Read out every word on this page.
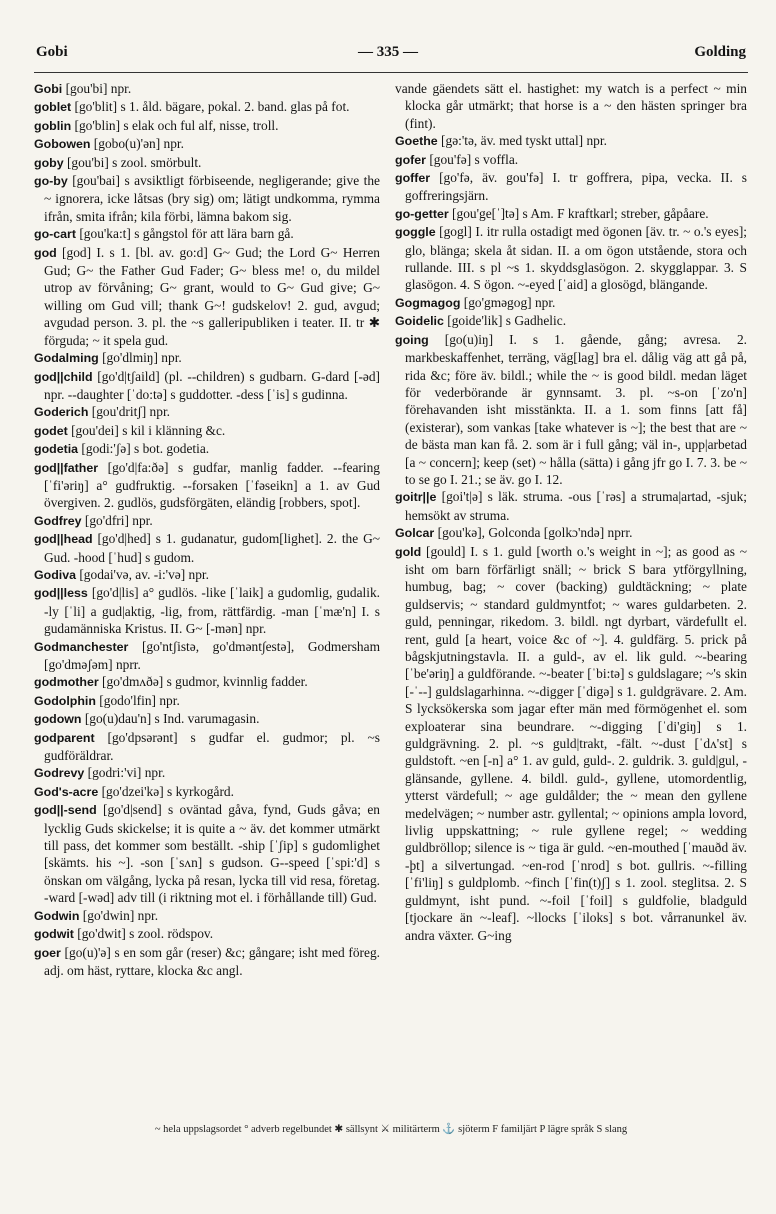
Gobi	— 335 —	Golding

Gobi [gou'bi] npr.

goblet [go'blit] s 1. åld. bägare, pokal. 2. band. glas på fot.

goblin [go'blin] s elak och ful alf, nisse, troll.

Gobowen [gobo(u)'ən] npr.

goby [gou'bi] s zool. smörbult.

go-by [gou'bai] s avsiktligt förbiseende, negligerande; give the ~ ignorera, icke låtsas (bry sig) om; lätigt undkomma, rymma ifrån, smita ifrån; kila förbi, lämna bakom sig.

go-cart [gou'ka:t] s gångstol för att lära barn gå.

god [god] I. s 1. [bl. av. go:d] G~ Gud; the Lord G~ Herren Gud; G~ the Father Gud Fader; G~ bless me! o, du mildel utrop av förvåning; G~ grant, would to G~ Gud give; G~ willing om Gud vill; thank G~! gudskelov! 2. gud, avgud; avgudad person. 3. pl. the ~s galleripubliken i teater. II. tr ✱ förguda; ~ it spela gud.

Godalming [go'dlmiŋ] npr.

god||child [go'd|tʃaild] (pl. --children) s gudbarn. G-dard [-əd] npr. --daughter [ˈdo:tə] s guddotter. -dess [ˈis] s gudinna.

Goderich [gou'dritʃ] npr.

godet [gou'dei] s kil i klänning &c.

godetia [godi:'ʃə] s bot. godetia.

god||father [go'd|fa:ðə] s gudfar, manlig fadder. --fearing [ˈfi'əriŋ] a° gudfruktig. --forsaken [ˈfəseikn] a 1. av Gud övergiven. 2. gudlös, gudsförgäten, eländig [robbers, spot].

Godfrey [go'dfri] npr.

god||head [go'd|hed] s 1. gudanatur, gudom[lighet]. 2. the G~ Gud. -hood [ˈhud] s gudom.

Godiva [godai'və, av. -i:'və] npr.

god||less [go'd|lis] a° gudlös. -like [ˈlaik] a gudomlig, gudalik. -ly [ˈli] a gud|aktig, -lig, from, rättfärdig. -man [ˈmæ'n] I. s gudamänniska Kristus. II. G~ [-mən] npr.

Godmanchester [go'ntʃistə, go'dmənt∫estə], Godmersham [go'dməʃəm] nprr.

godmother [go'dmʌðə] s gudmor, kvinnlig fadder.

Godolphin [godo'lfin] npr.

godown [go(u)dau'n] s Ind. varumagasin.

godparent [go'dpsərənt] s gudfar el. gudmor; pl. ~s gudföräldrar.

Godrevy [godri:'vi] npr.

God's-acre [go'dzei'kə] s kyrkogård.

god||-send [go'd|send] s oväntad gåva, fynd, Guds gåva; en lycklig Guds skickelse; it is quite a ~ äv. det kommer utmärkt till pass, det kommer som beställt. -ship [ˈʃip] s gudomlighet [skämts. his ~]. -son [ˈsʌn] s gudson. G--speed [ˈspi:'d] s önskan om välgång, lycka på resan, lycka till vid resa, företag. -ward [-wəd] adv till (i riktning mot el. i förhållande till) Gud.

Godwin [go'dwin] npr.

godwit [go'dwit] s zool. rödspov.

goer [go(u)'ə] s en som går (reser) &c; gångare; isht med föreg. adj. om häst, ryttare, klocka &c angl.

vande gäendets sätt el. hastighet: my watch is a perfect ~ min klocka går utmärkt; that horse is a ~ den hästen springer bra (fint).

Goethe [gə:'tə, äv. med tyskt uttal] npr.

gofer [gou'fə] s voffla.

goffer [go'fə, äv. gou'fə] I. tr goffrera, pipa, vecka. II. s goffreringsjärn.

go-getter [gou'ge[ˈ]tə] s Am. F kraftkarl; streber, gåpåare.

goggle [gogl] I. itr rulla ostadigt med ögonen [äv. tr. ~ o.'s eyes]; glo, blänga; skela åt sidan. II. a om ögon utstående, stora och rullande. III. s pl ~s 1. skyddsglasögon. 2. skygglappar. 3. S glasögon. 4. S ögon. ~-eyed [ˈaid] a glosögd, blängande.

Gogmagog [go'gməgog] npr.

Goidelic [goide'lik] s Gadhelic.

going [go(u)iŋ] I. s 1. gående, gång; avresa. 2. markbeskaffenhet, terräng, väg[lag] bra el. dålig väg att gå på, rida &c; före äv. bildl.; while the ~ is good bildl. medan läget för vederbörande är gynnsamt. 3. pl. ~s-on [ˈzo'n] förehavanden isht misstänkta. II. a 1. som finns [att få] (existerar), som vankas [take whatever is ~]; the best that are ~ de bästa man kan få. 2. som är i full gång; väl in-, upp|arbetad [a ~ concern]; keep (set) ~ hålla (sätta) i gång jfr go I. 7. 3. be ~ to se go I. 21.; se äv. go I. 12.

goitr||e [goi't|ə] s läk. struma. -ous [ˈrəs] a struma|artad, -sjuk; hemsökt av struma.

Golcar [gou'kə], Golconda [golkɔ'ndə] nprr.

gold [gould] I. s 1. guld [worth o.'s weight in ~]; as good as ~ isht om barn förfärligt snäll; ~ brick S bara ytförgyllning, humbug, bag; ~ cover (backing) guldtäckning; ~ plate guldservis; ~ standard guldmyntfot; ~ wares guldarbeten. 2. guld, penningar, rikedom. 3. bildl. ngt dyrbart, värdefullt el. rent, guld [a heart, voice &c of ~]. 4. guldfärg. 5. prick på bågskjutningstavla. II. a guld-, av el. lik guld. ~-bearing [ˈbe'əriŋ] a guldförande. ~-beater [ˈbi:tə] s guldslagare; ~'s skin [-ˈ--] guldslagarhinna. ~-digger [ˈdigə] s 1. guldgrävare. 2. Am. S lycksökerska som jagar efter män med förmögenhet el. som exploaterar sina beundrare. ~-digging [ˈdi'giŋ] s 1. guldgrävning. 2. pl. ~s guld|trakt, -fält. ~-dust [ˈdʌ'st] s guldstoft. ~en [-n] a° 1. av guld, guld-. 2. guldrik. 3. guld|gul, -glänsande, gyllene. 4. bildl. guld-, gyllene, utomordentlig, ytterst värdefull; ~ age guldålder; the ~ mean den gyllene medelvägen; ~ number astr. gyllental; ~ opinions ampla lovord, livlig uppskattning; ~ rule gyllene regel; ~ wedding guldbröllop; silence is ~ tiga är guld. ~en-mouthed [ˈmauðd äv. -þt] a silvertungad. ~en-rod [ˈnrod] s bot. gullris. ~-filling [ˈfi'liŋ] s guldplomb. ~finch [ˈfin(t)ʃ] s 1. zool. steglitsa. 2. S guldmynt, isht pund. ~-foil [ˈfoil] s guldfolie, bladguld [tjockare än ~-leaf]. ~llocks [ˈiloks] s bot. vårranunkel äv. andra växter. G~ing

~ hela uppslagsordet ° adverb regelbundet ✱ sällsynt ⚔ militärterm ⚓ sjöterm F familjärt P lägre språk S slang
